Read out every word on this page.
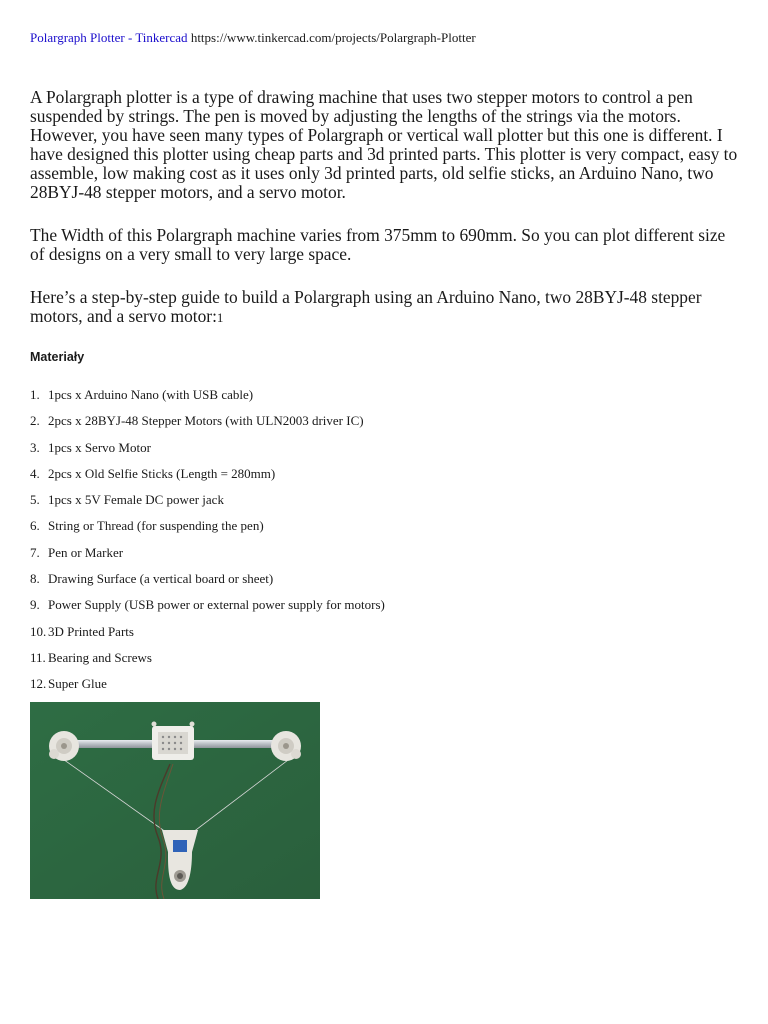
Polargraph Plotter - Tinkercad https://www.tinkercad.com/projects/Polargraph-Plotter

A Polargraph plotter is a type of drawing machine that uses two stepper motors to control a pen suspended by strings. The pen is moved by adjusting the lengths of the strings via the motors. However, you have seen many types of Polargraph or vertical wall plotter but this one is different. I have designed this plotter using cheap parts and 3d printed parts. This plotter is very compact, easy to assemble, low making cost as it uses only 3d printed parts, old selfie sticks, an Arduino Nano, two 28BYJ-48 stepper motors, and a servo motor.

The Width of this Polargraph machine varies from 375mm to 690mm. So you can plot different size of designs on a very small to very large space.

Here’s a step-by-step guide to build a Polargraph using an Arduino Nano, two 28BYJ-48 stepper motors, and a servo motor:1

Materiały
1. 1pcs x Arduino Nano (with USB cable)
2. 2pcs x 28BYJ-48 Stepper Motors (with ULN2003 driver IC)
3. 1pcs x Servo Motor
4. 2pcs x Old Selfie Sticks (Length = 280mm)
5. 1pcs x 5V Female DC power jack
6. String or Thread (for suspending the pen)
7. Pen or Marker
8. Drawing Surface (a vertical board or sheet)
9. Power Supply (USB power or external power supply for motors)
10. 3D Printed Parts
11. Bearing and Screws
12. Super Glue
